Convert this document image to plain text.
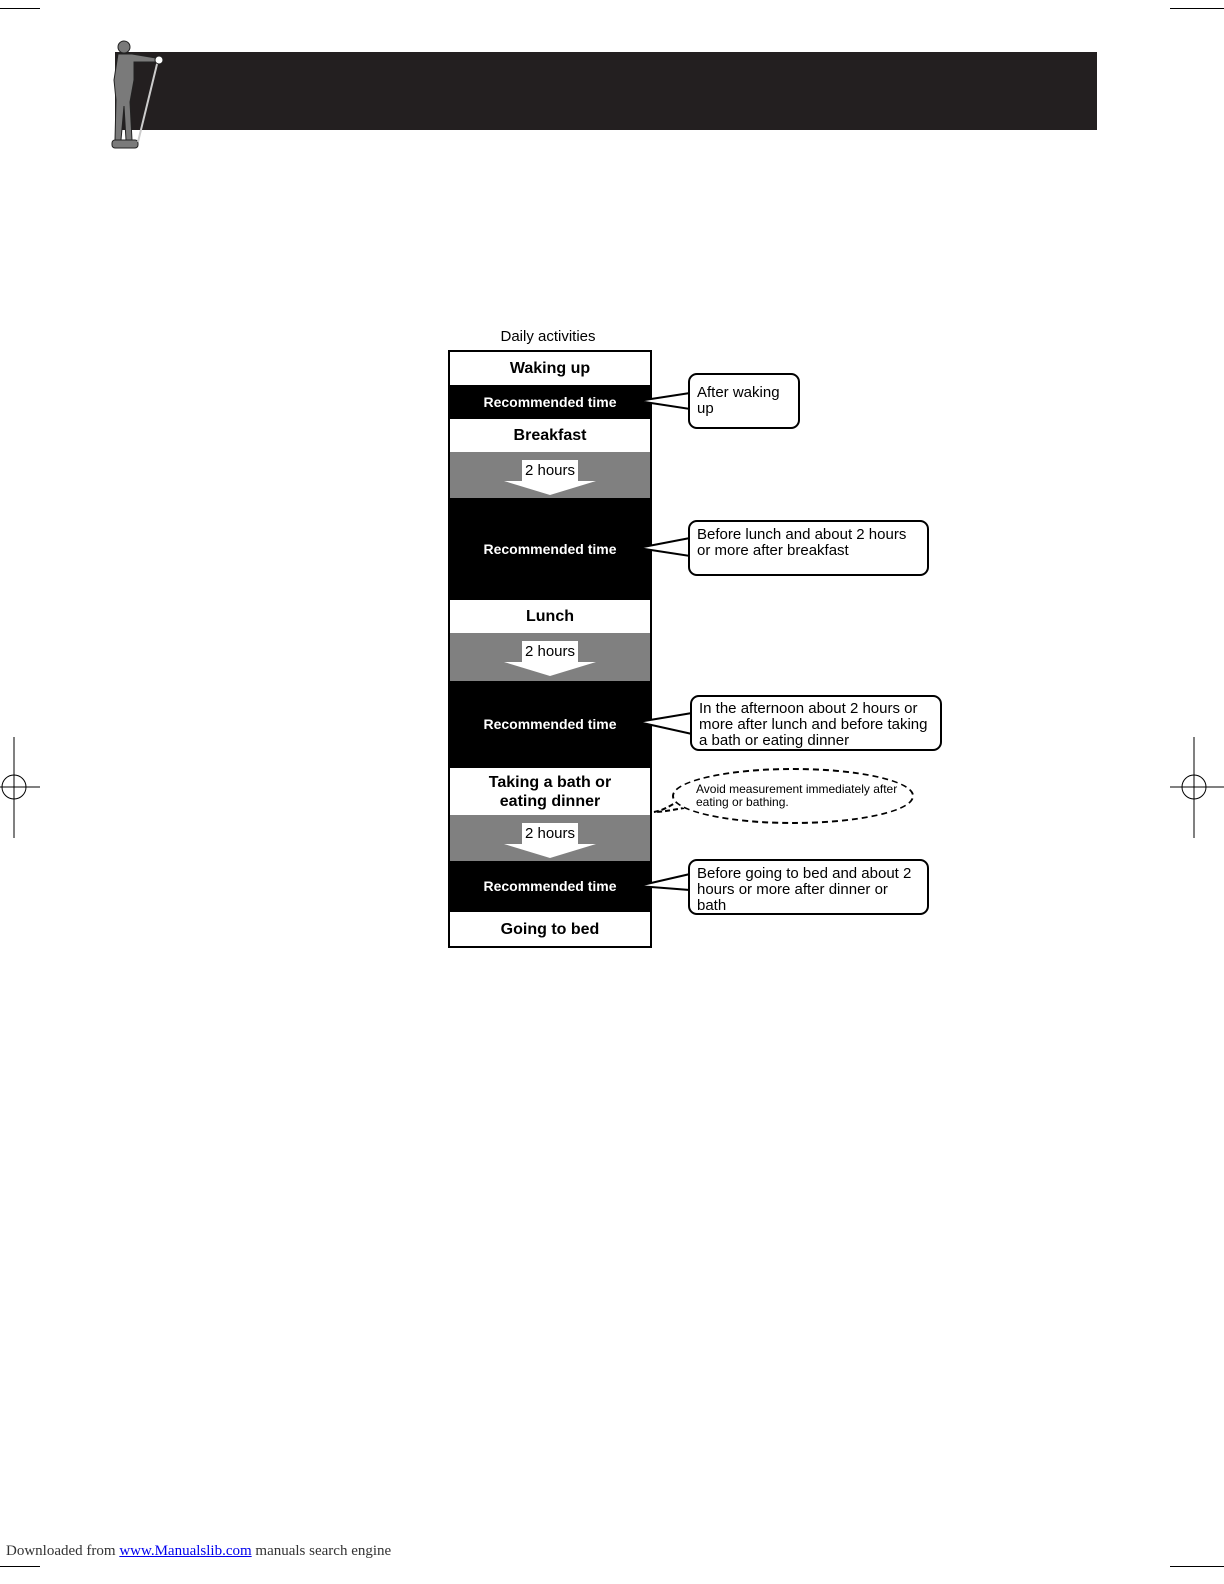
Daily activities
Waking up
Recommended time
Breakfast
2 hours
Recommended time
Lunch
2 hours
Recommended time
Taking a bath or
eating dinner
2 hours
Recommended time
Going to bed
After waking up
Before lunch and about 2 hours or more after breakfast
In the afternoon about 2 hours or more after lunch and before taking a bath or eating dinner
Avoid measurement immediately after eating or bathing.
Before going to bed and about 2 hours or more after dinner or bath
Downloaded from www.Manualslib.com manuals search engine
